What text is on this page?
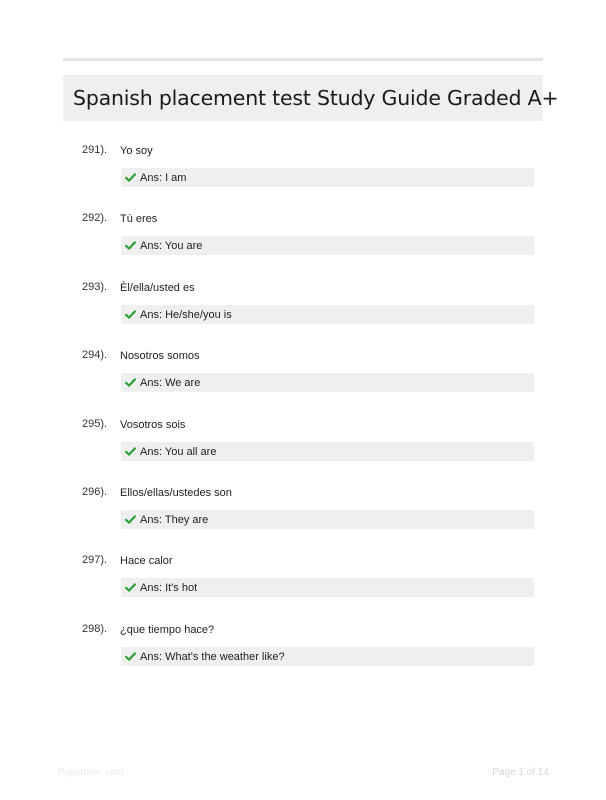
Spanish placement test Study Guide Graded A+
291). Yo soy
Ans: I am
292). Tù eres
Ans: You are
293). Èl/ella/usted es
Ans: He/she/you is
294). Nosotros somos
Ans: We are
295). Vosotros sois
Ans: You all are
296). Ellos/ellas/ustedes son
Ans: They are
297). Hace calor
Ans: It's hot
298). ¿que tiempo hace?
Ans: What's the weather like?
Paperbidic.com	Page 1 of 14
